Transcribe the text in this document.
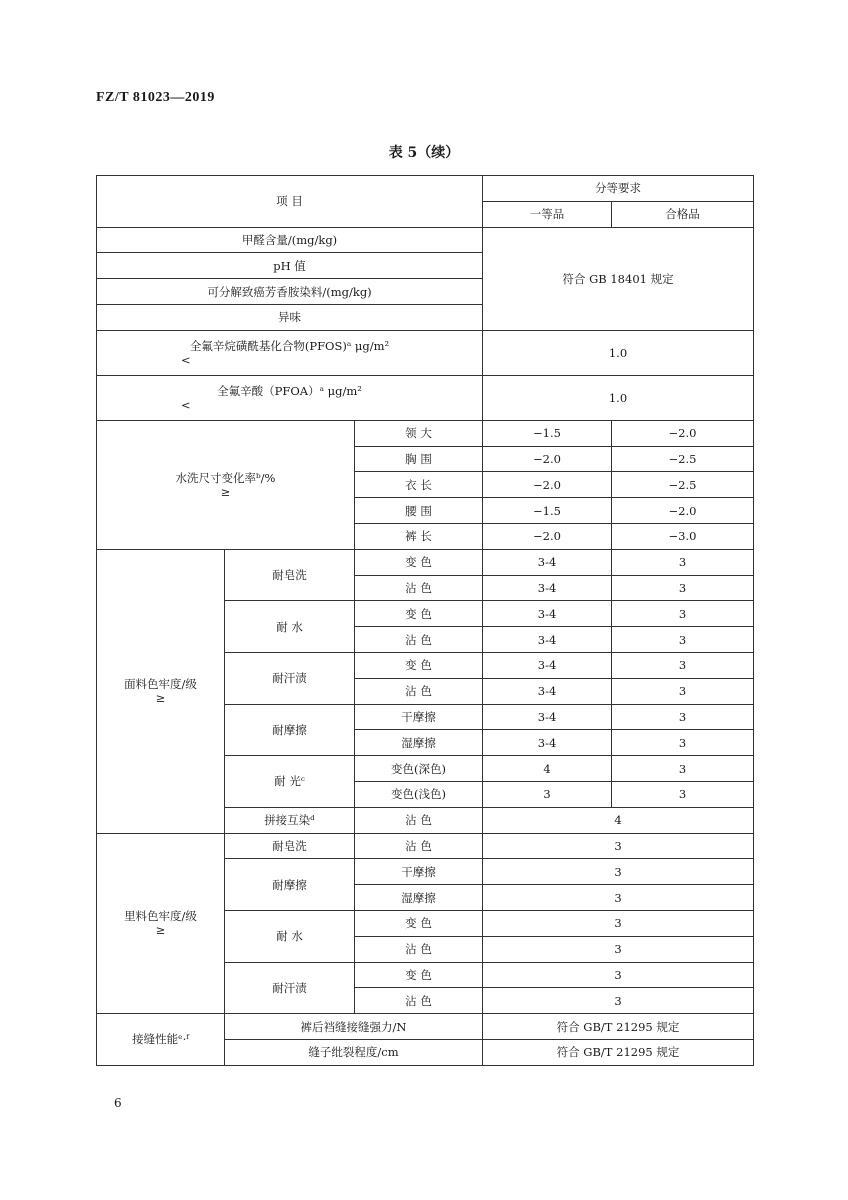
FZ/T 81023—2019
表 5（续）
项 目			分等要求	
			一等品	合格品
甲醛含量/(mg/kg)			符合 GB 18401 规定	
pH 值				
可分解致癌芳香胺染料/(mg/kg)				
异味				

全氟辛烷磺酰基化合物(PFOS)ᵃ μg/m²
<			1.0	

全氟辛酸（PFOA）ᵃ μg/m²
<			1.0	

水洗尺寸变化率ᵇ/%
≥		领 大	−1.5	−2.0
		胸 围	−2.0	−2.5
		衣 长	−2.0	−2.5
		腰 围	−1.5	−2.0
		裤 长	−2.0	−3.0

面料色牢度/级
≥	耐皂洗	变 色	3-4	3
		沾 色	3-4	3
	耐 水	变 色	3-4	3
		沾 色	3-4	3
	耐汗渍	变 色	3-4	3
		沾 色	3-4	3
	耐摩擦	干摩擦	3-4	3
		湿摩擦	3-4	3
	耐 光ᶜ	变色(深色)	4	3
		变色(浅色)	3	3
	拼接互染ᵈ	沾 色	4	

里料色牢度/级
≥	耐皂洗	沾 色	3	
	耐摩擦	干摩擦	3	
		湿摩擦	3	
	耐 水	变 色	3	
		沾 色	3	
	耐汗渍	变 色	3	
		沾 色	3	
接缝性能ᵉ·ᶠ	裤后裆缝接缝强力/N		符合 GB/T 21295 规定	
	缝子纰裂程度/cm		符合 GB/T 21295 规定	
6
